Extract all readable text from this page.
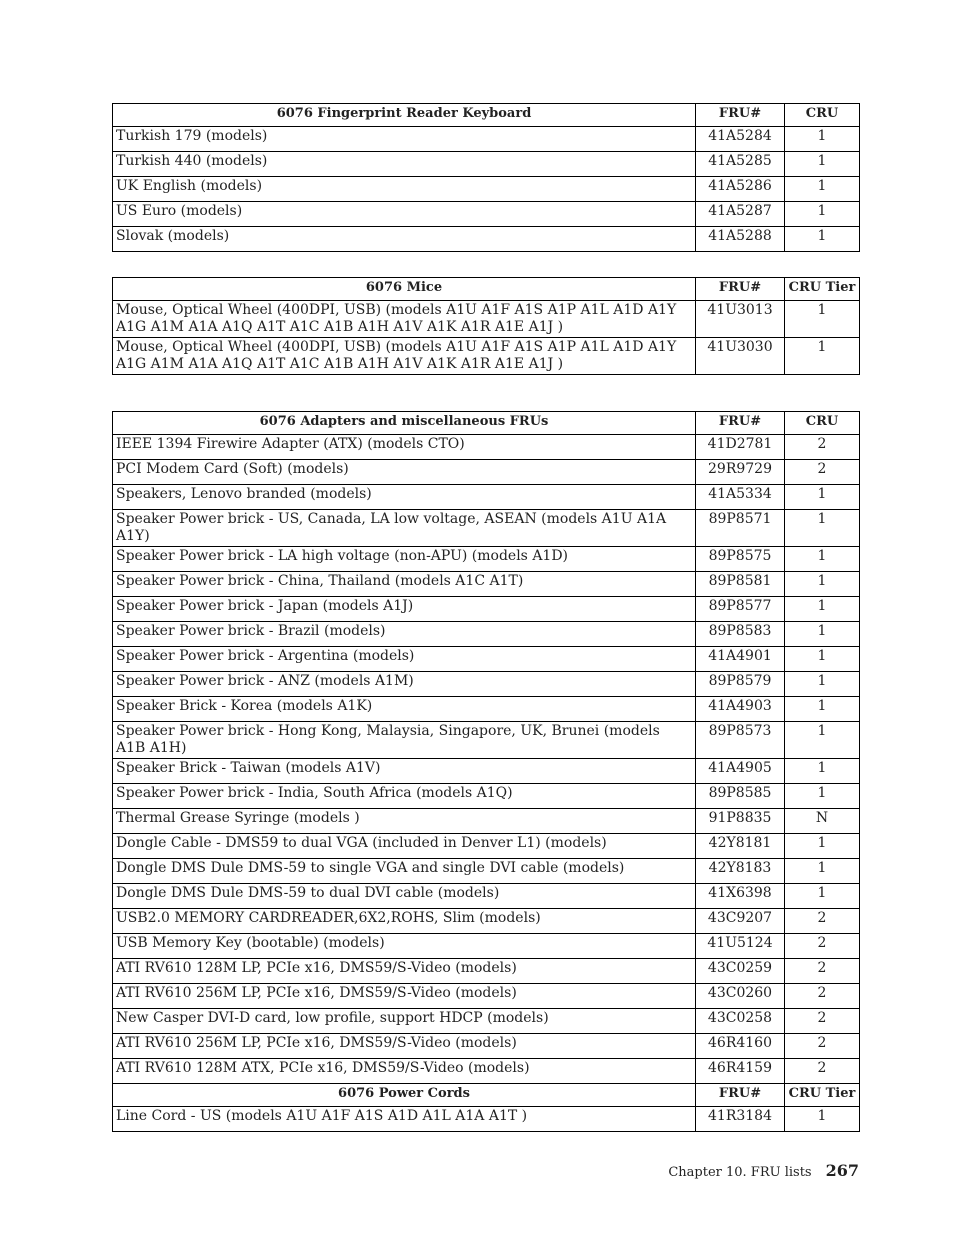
6076 Fingerprint Reader Keyboard	FRU#	CRU
Turkish 179 (models)	41A5284	1
Turkish 440 (models)	41A5285	1
UK English (models)	41A5286	1
US Euro (models)	41A5287	1
Slovak (models)	41A5288	1
6076 Mice	FRU#	CRU Tier
Mouse, Optical Wheel (400DPI, USB) (models A1U A1F A1S A1P A1L A1D A1Y A1G A1M A1A A1Q A1T A1C A1B A1H A1V A1K A1R A1E A1J )	41U3013	1
Mouse, Optical Wheel (400DPI, USB) (models A1U A1F A1S A1P A1L A1D A1Y A1G A1M A1A A1Q A1T A1C A1B A1H A1V A1K A1R A1E A1J )	41U3030	1
6076 Adapters and miscellaneous FRUs	FRU#	CRU
IEEE 1394 Firewire Adapter (ATX) (models CTO)	41D2781	2
PCI Modem Card (Soft) (models)	29R9729	2
Speakers, Lenovo branded (models)	41A5334	1
Speaker Power brick - US, Canada, LA low voltage, ASEAN (models A1U A1A A1Y)	89P8571	1
Speaker Power brick - LA high voltage (non-APU) (models A1D)	89P8575	1
Speaker Power brick - China, Thailand (models A1C A1T)	89P8581	1
Speaker Power brick - Japan (models A1J)	89P8577	1
Speaker Power brick - Brazil (models)	89P8583	1
Speaker Power brick - Argentina (models)	41A4901	1
Speaker Power brick - ANZ (models A1M)	89P8579	1
Speaker Brick - Korea (models A1K)	41A4903	1
Speaker Power brick - Hong Kong, Malaysia, Singapore, UK, Brunei (models A1B A1H)	89P8573	1
Speaker Brick - Taiwan (models A1V)	41A4905	1
Speaker Power brick - India, South Africa (models A1Q)	89P8585	1
Thermal Grease Syringe (models )	91P8835	N
Dongle Cable - DMS59 to dual VGA (included in Denver L1) (models)	42Y8181	1
Dongle DMS Dule DMS-59 to single VGA and single DVI cable (models)	42Y8183	1
Dongle DMS Dule DMS-59 to dual DVI cable (models)	41X6398	1
USB2.0 MEMORY CARDREADER,6X2,ROHS, Slim (models)	43C9207	2
USB Memory Key (bootable) (models)	41U5124	2
ATI RV610 128M LP, PCIe x16, DMS59/S-Video (models)	43C0259	2
ATI RV610 256M LP, PCIe x16, DMS59/S-Video (models)	43C0260	2
New Casper DVI-D card, low profile, support HDCP (models)	43C0258	2
ATI RV610 256M LP, PCIe x16, DMS59/S-Video (models)	46R4160	2
ATI RV610 128M ATX, PCIe x16, DMS59/S-Video (models)	46R4159	2
6076 Power Cords	FRU#	CRU Tier
Line Cord - US (models A1U A1F A1S A1D A1L A1A A1T )	41R3184	1
Chapter 10. FRU lists 267
